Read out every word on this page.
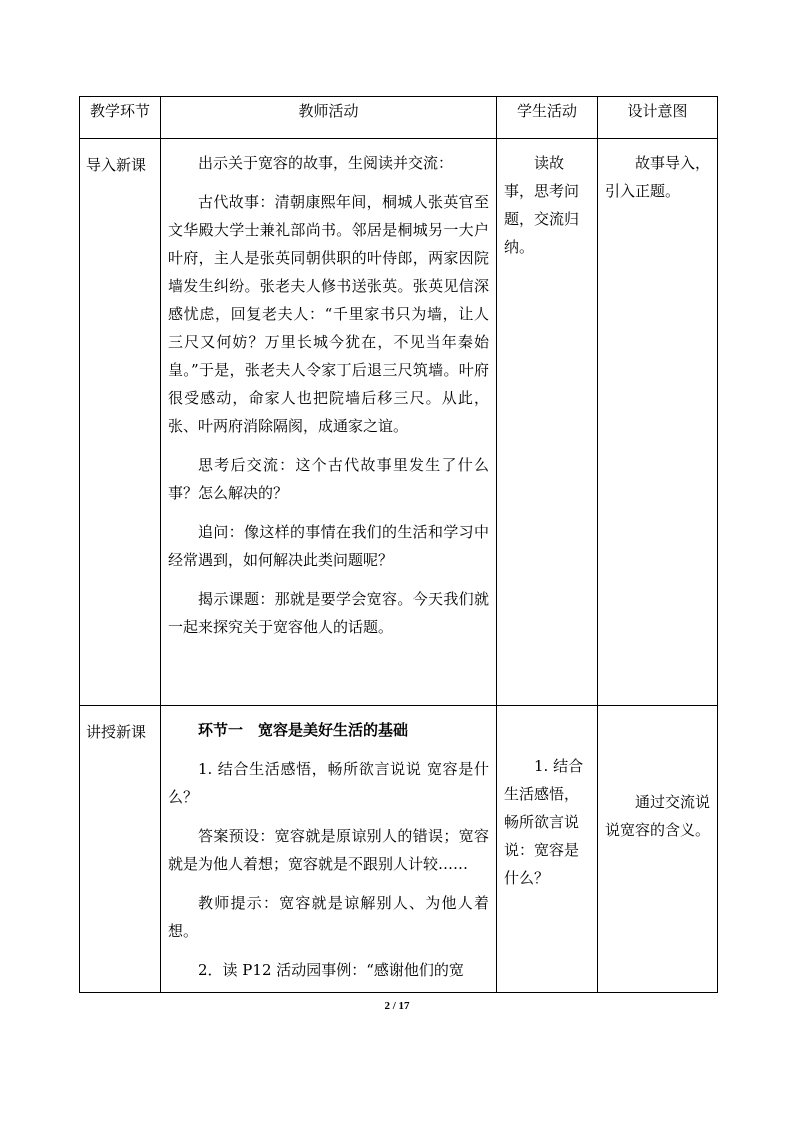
教学环节	教师活动	学生活动	设计意图
导入新课	出示关于宽容的故事，生阅读并交流：

古代故事：清朝康熙年间，桐城人张英官至文华殿大学士兼礼部尚书。邻居是桐城另一大户叶府，主人是张英同朝供职的叶侍郎，两家因院墙发生纠纷。张老夫人修书送张英。张英见信深感忧虑，回复老夫人：“千里家书只为墙，让人三尺又何妨？万里长城今犹在，不见当年秦始皇。”于是，张老夫人令家丁后退三尺筑墙。叶府很受感动，命家人也把院墙后移三尺。从此，张、叶两府消除隔阂，成通家之谊。

思考后交流：这个古代故事里发生了什么事？怎么解决的？

追问：像这样的事情在我们的生活和学习中经常遇到，如何解决此类问题呢？

揭示课题：那就是要学会宽容。今天我们就一起来探究关于宽容他人的话题。	读故事，思考问题，交流归纳。	故事导入，引入正题。

讲授新课	环节一　宽容是美好生活的基础

1. 结合生活感悟，畅所欲言说说 宽容是什么？

答案预设：宽容就是原谅别人的错误；宽容就是为他人着想；宽容就是不跟别人计较……

教师提示：宽容就是谅解别人、为他人着想。

2．读 P12 活动园事例：“感谢他们的宽	1. 结合生活感悟，畅所欲言说说：宽容是什么？	通过交流说说宽容的含义。

2 / 17
